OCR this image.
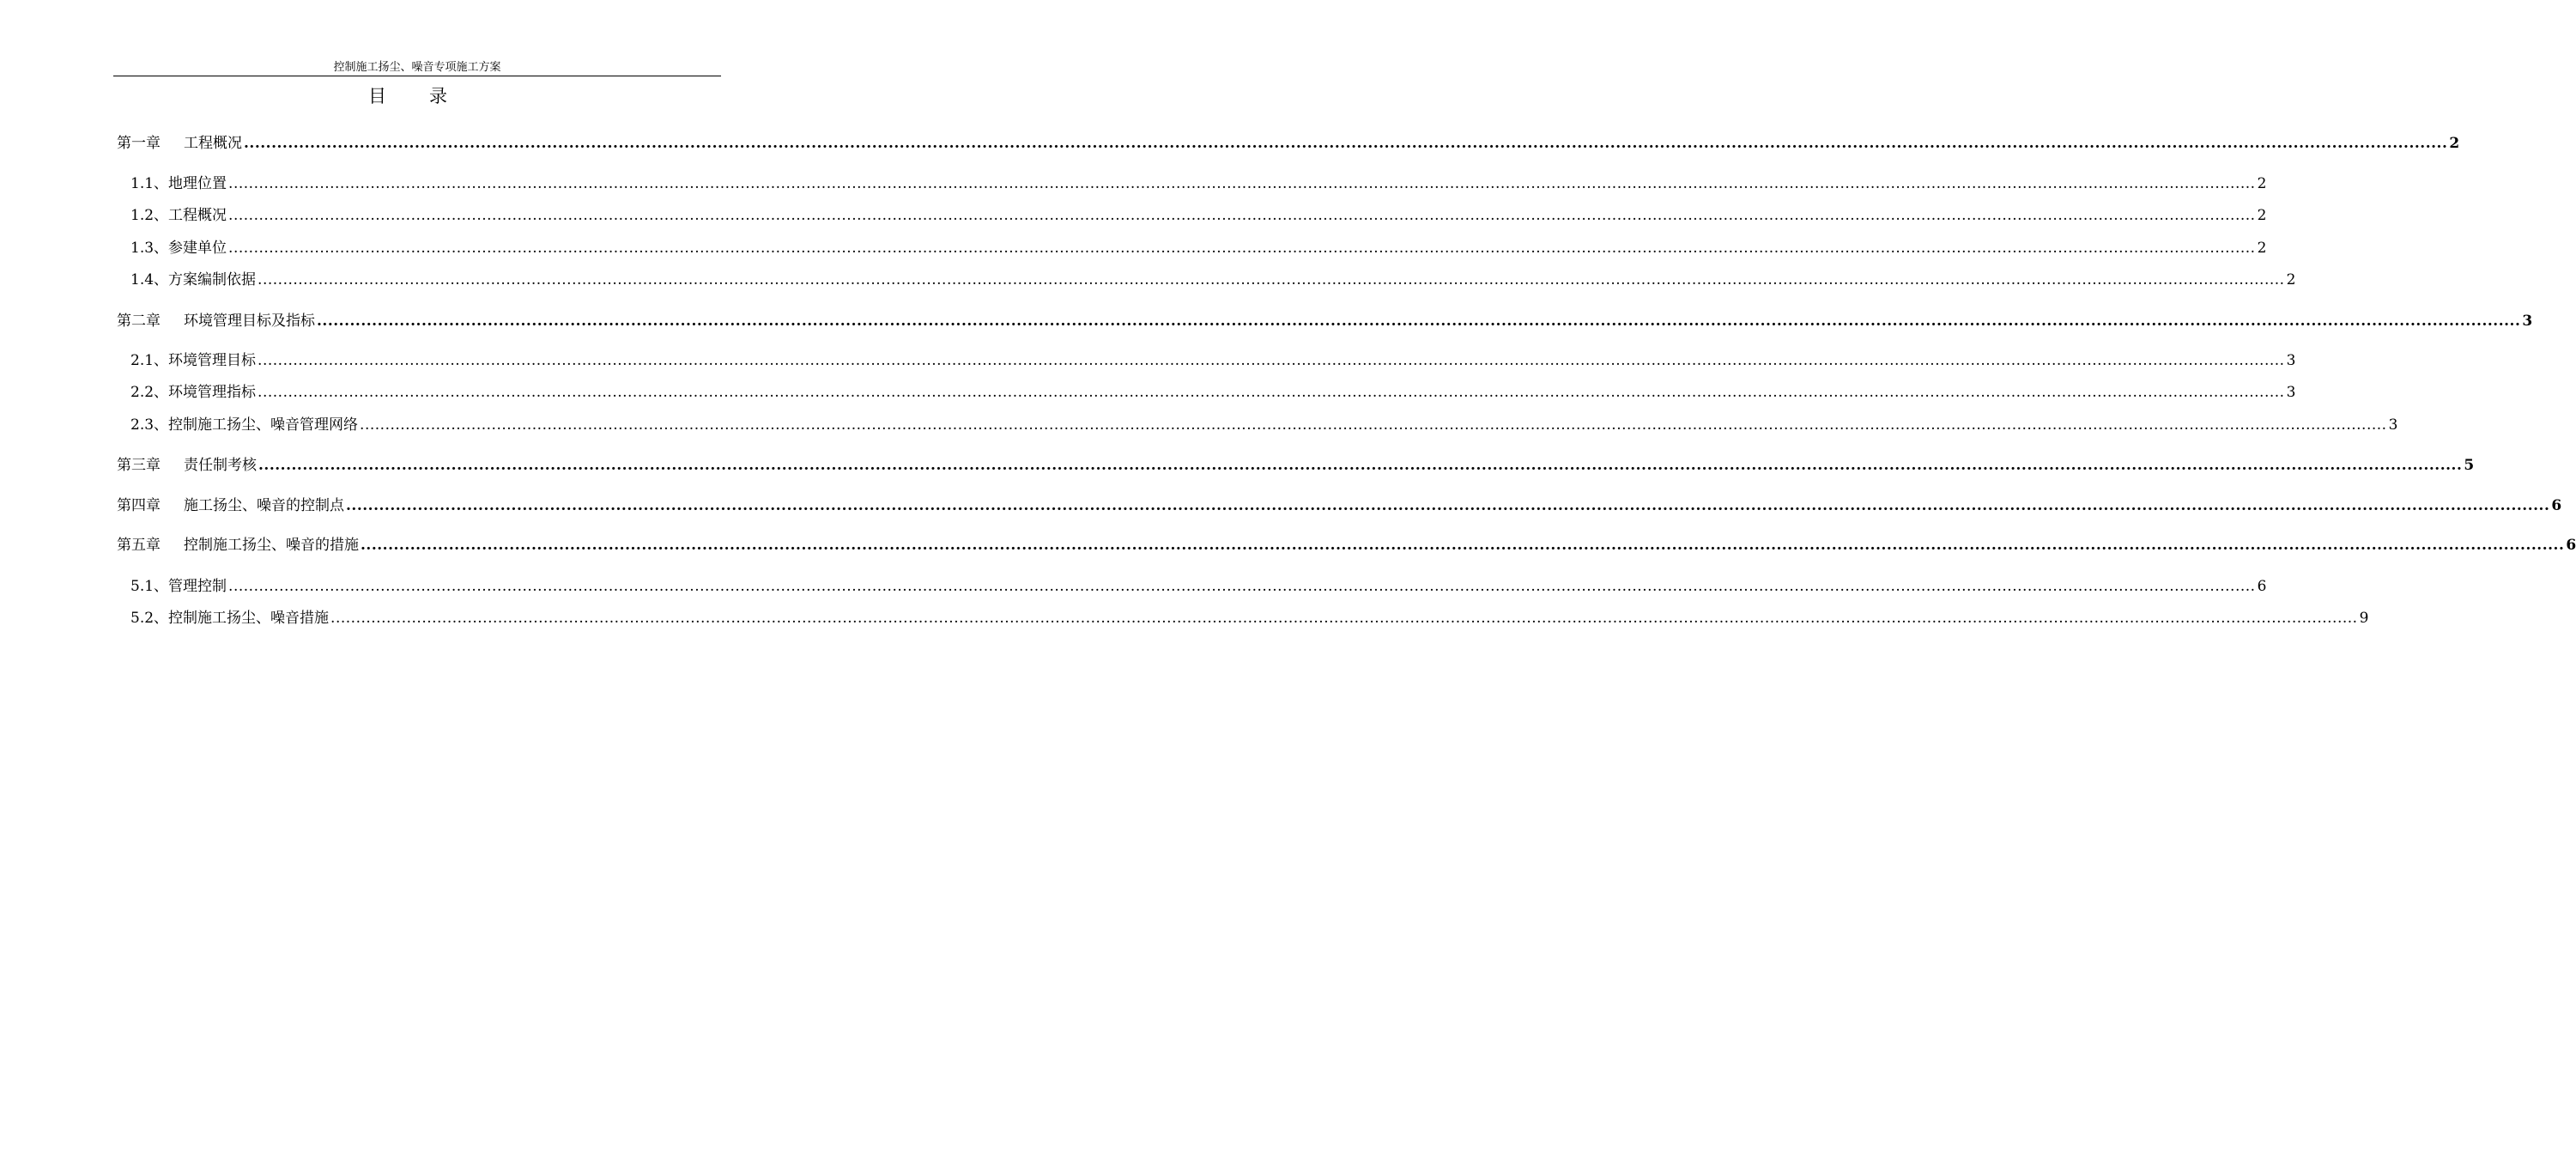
控制施工扬尘、噪音专项施工方案
目 录
第一章	工程概况 ................................................................................................................................................................................................................................................................................................................................................................................................................ 2
1.1、 地理位置 ................................................................................................................................................................................................................................................................................................................................................................................................................ 2
1.2、 工程概况 ................................................................................................................................................................................................................................................................................................................................................................................................................ 2
1.3、 参建单位 ................................................................................................................................................................................................................................................................................................................................................................................................................ 2
1.4、 方案编制依据 ................................................................................................................................................................................................................................................................................................................................................................................................................ 2
第二章	环境管理目标及指标 ................................................................................................................................................................................................................................................................................................................................................................................................................ 3
2.1、 环境管理目标 ................................................................................................................................................................................................................................................................................................................................................................................................................ 3
2.2、 环境管理指标 ................................................................................................................................................................................................................................................................................................................................................................................................................ 3
2.3、 控制施工扬尘、噪音管理网络 ................................................................................................................................................................................................................................................................................................................................................................................................................ 3
第三章	责任制考核 ................................................................................................................................................................................................................................................................................................................................................................................................................ 5
第四章	施工扬尘、噪音的控制点 ................................................................................................................................................................................................................................................................................................................................................................................................................ 6
第五章	控制施工扬尘、噪音的措施 ................................................................................................................................................................................................................................................................................................................................................................................................................ 6
5.1、 管理控制 ................................................................................................................................................................................................................................................................................................................................................................................................................ 6
5.2、 控制施工扬尘、噪音措施 ................................................................................................................................................................................................................................................................................................................................................................................................................ 9
